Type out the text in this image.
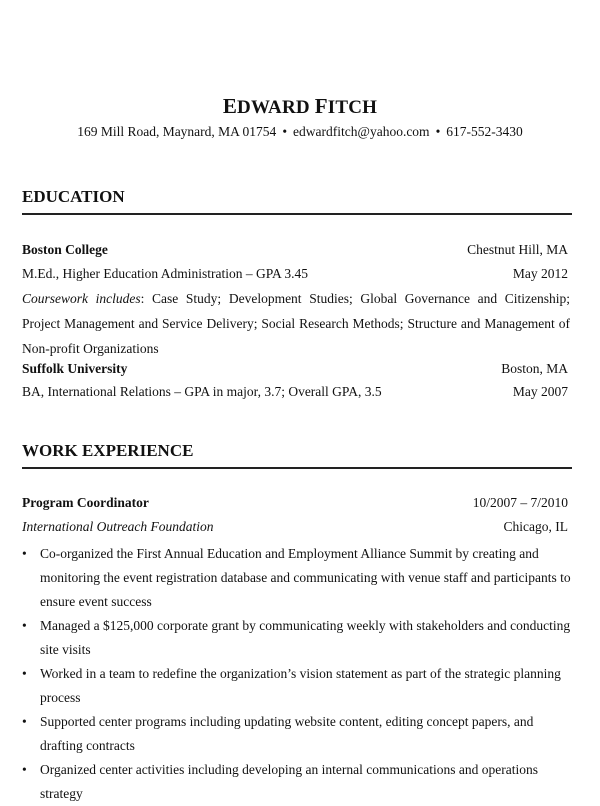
EDWARD FITCH
169 Mill Road, Maynard, MA 01754 • edwardfitch@yahoo.com • 617-552-3430
EDUCATION
Boston College	Chestnut Hill, MA
M.Ed., Higher Education Administration – GPA 3.45	May 2012
Coursework includes: Case Study; Development Studies; Global Governance and Citizenship; Project Management and Service Delivery; Social Research Methods; Structure and Management of Non-profit Organizations
Suffolk University	Boston, MA
BA, International Relations – GPA in major, 3.7; Overall GPA, 3.5	May 2007
WORK EXPERIENCE
Program Coordinator	10/2007 – 7/2010
International Outreach Foundation	Chicago, IL
• Co-organized the First Annual Education and Employment Alliance Summit by creating and monitoring the event registration database and communicating with venue staff and participants to ensure event success
• Managed a $125,000 corporate grant by communicating weekly with stakeholders and conducting site visits
• Worked in a team to redefine the organization’s vision statement as part of the strategic planning process
• Supported center programs including updating website content, editing concept papers, and drafting contracts
• Organized center activities including developing an internal communications and operations strategy
